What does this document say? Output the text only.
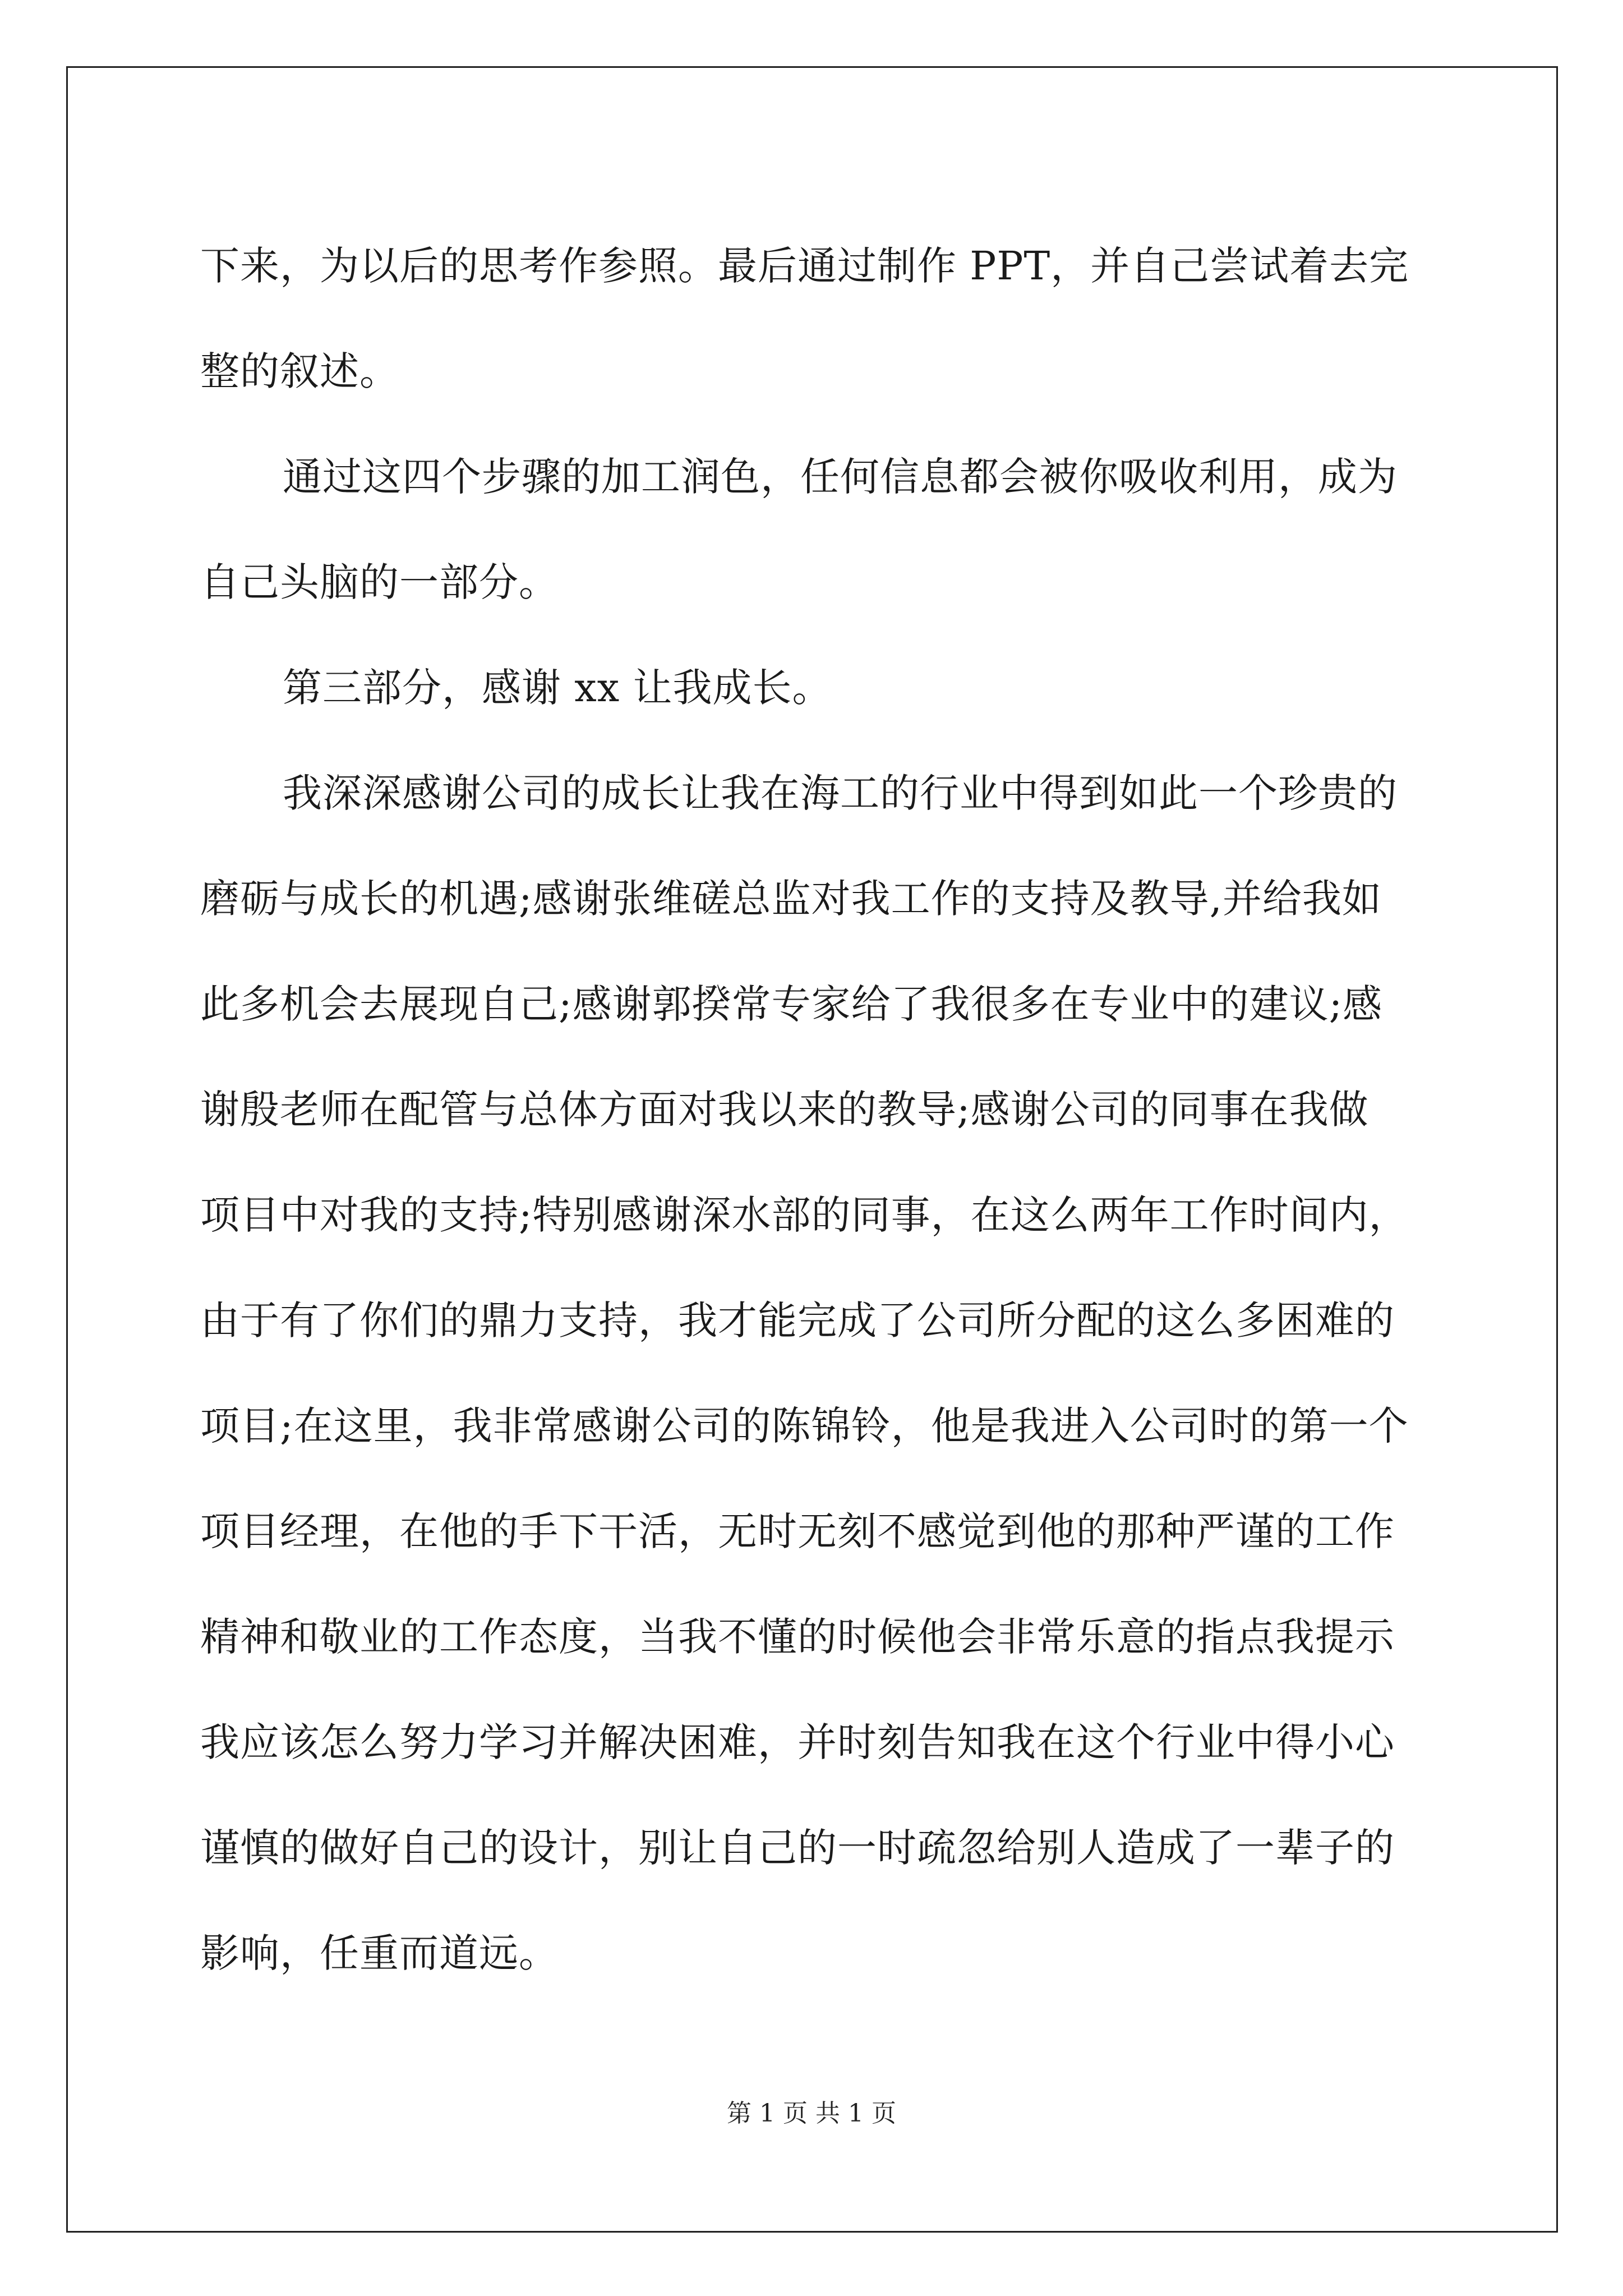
下来，为以后的思考作参照。最后通过制作 PPT，并自己尝试着去完
整的叙述。

通过这四个步骤的加工润色，任何信息都会被你吸收利用，成为
自己头脑的一部分。

第三部分，感谢 xx 让我成长。

我深深感谢公司的成长让我在海工的行业中得到如此一个珍贵的
磨砺与成长的机遇;感谢张维磋总监对我工作的支持及教导,并给我如
此多机会去展现自己;感谢郭揆常专家给了我很多在专业中的建议;感
谢殷老师在配管与总体方面对我以来的教导;感谢公司的同事在我做
项目中对我的支持;特别感谢深水部的同事，在这么两年工作时间内，
由于有了你们的鼎力支持，我才能完成了公司所分配的这么多困难的
项目;在这里，我非常感谢公司的陈锦铃，他是我进入公司时的第一个
项目经理，在他的手下干活，无时无刻不感觉到他的那种严谨的工作
精神和敬业的工作态度，当我不懂的时候他会非常乐意的指点我提示
我应该怎么努力学习并解决困难，并时刻告知我在这个行业中得小心
谨慎的做好自己的设计，别让自己的一时疏忽给别人造成了一辈子的
影响，任重而道远。

第 1 页 共 1 页
